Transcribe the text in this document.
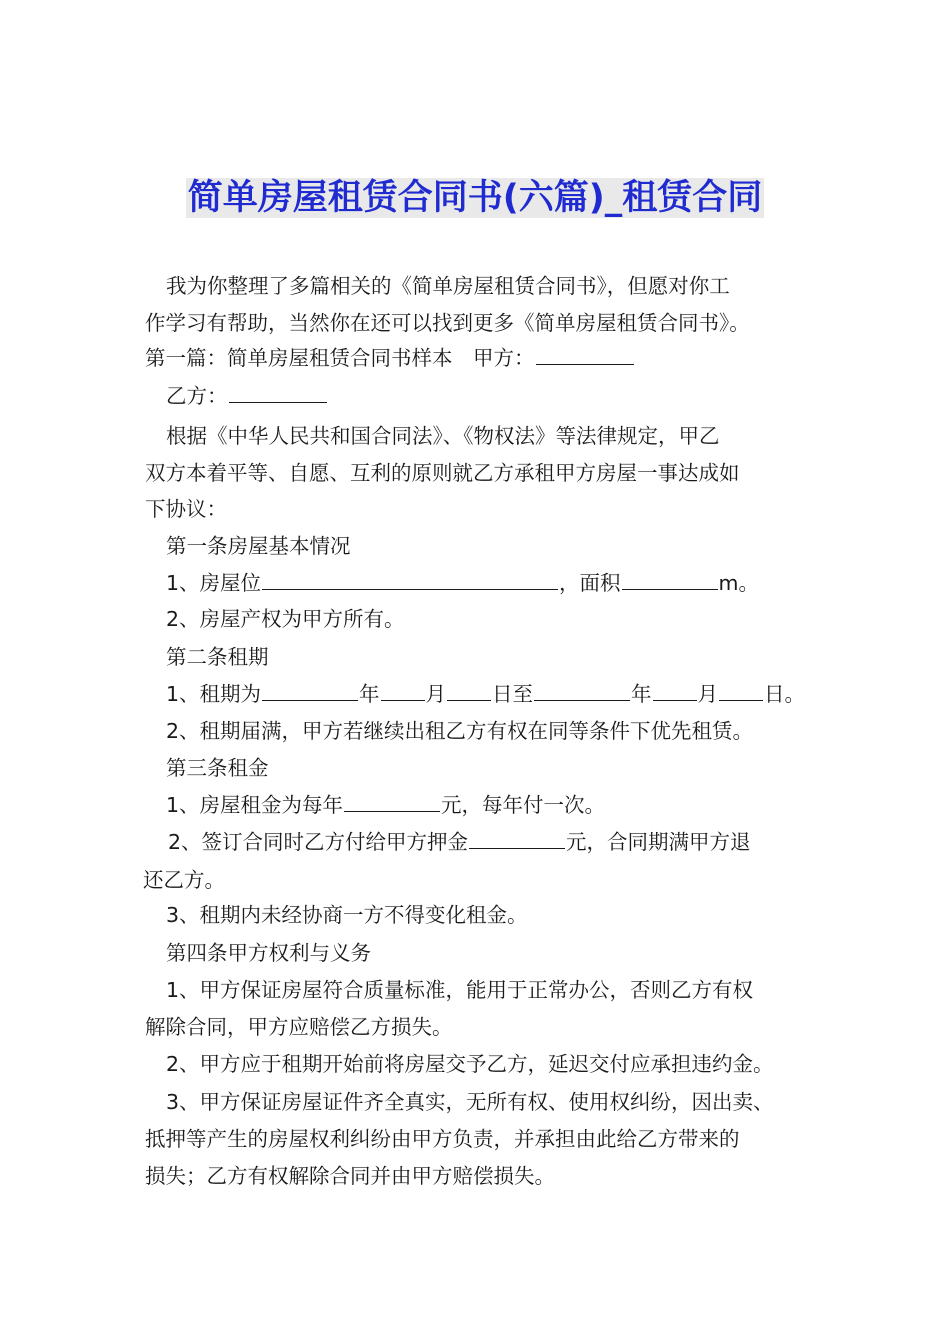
简单房屋租赁合同书(六篇)_租赁合同
我为你整理了多篇相关的《简单房屋租赁合同书》，但愿对你工
作学习有帮助，当然你在还可以找到更多《简单房屋租赁合同书》。
第一篇：简单房屋租赁合同书样本　甲方：
乙方：
根据《中华人民共和国合同法》、《物权法》等法律规定，甲乙
双方本着平等、自愿、互利的原则就乙方承租甲方房屋一事达成如
下协议：
第一条房屋基本情况
1、房屋位	，面积	m。
2、房屋产权为甲方所有。
第二条租期
1、租期为	年 月 日至	年 月 日。
2、租期届满，甲方若继续出租乙方有权在同等条件下优先租赁。
第三条租金
1、房屋租金为每年	元，每年付一次。
2、签订合同时乙方付给甲方押金	元，合同期满甲方退
还乙方。
3、租期内未经协商一方不得变化租金。
第四条甲方权利与义务
1、甲方保证房屋符合质量标准，能用于正常办公，否则乙方有权
解除合同，甲方应赔偿乙方损失。
2、甲方应于租期开始前将房屋交予乙方，延迟交付应承担违约金。
3、甲方保证房屋证件齐全真实，无所有权、使用权纠纷，因出卖、
抵押等产生的房屋权利纠纷由甲方负责，并承担由此给乙方带来的
损失；乙方有权解除合同并由甲方赔偿损失。
